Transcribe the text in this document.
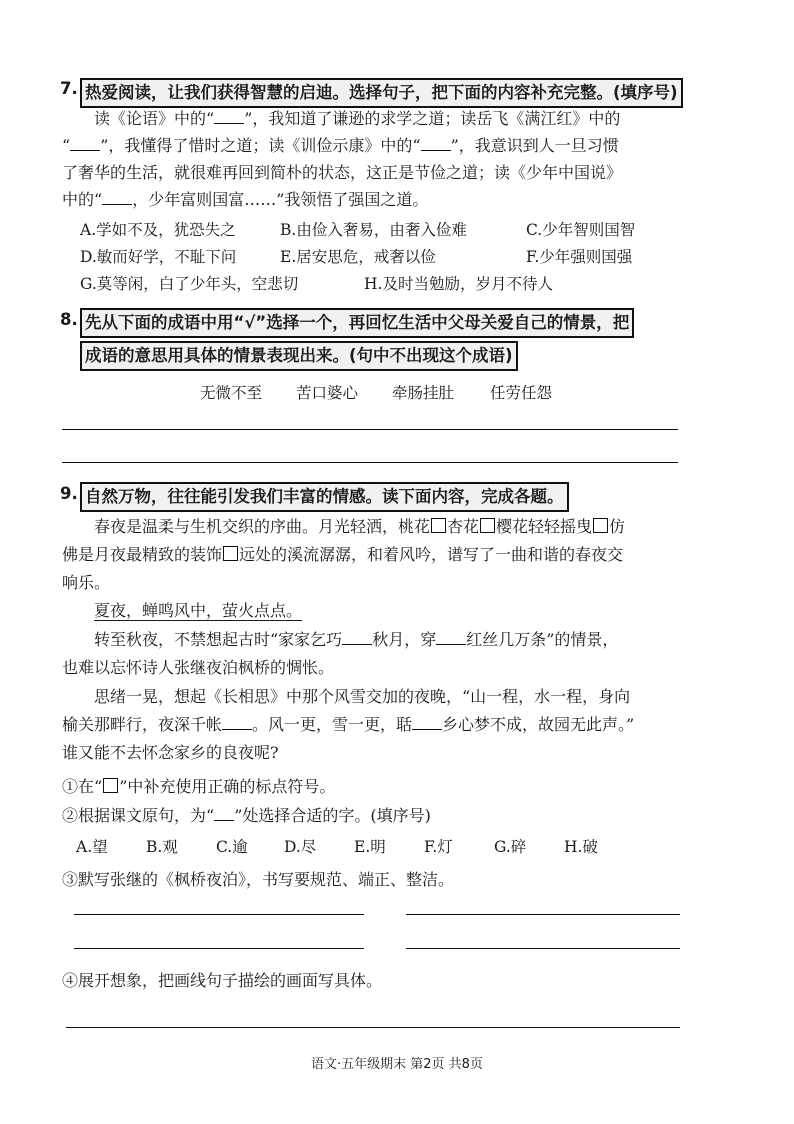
7. 热爱阅读，让我们获得智慧的启迪。选择句子，把下面的内容补充完整。(填序号)
读《论语》中的“ ”，我知道了谦逊的求学之道；读岳飞《满江红》中的
“ ”，我懂得了惜时之道；读《训俭示康》中的“ ”，我意识到人一旦习惯
了奢华的生活，就很难再回到简朴的状态，这正是节俭之道；读《少年中国说》
中的“ ，少年富则国富……”我领悟了强国之道。
A.学如不及，犹恐失之	B.由俭入奢易，由奢入俭难	C.少年智则国智
D.敏而好学，不耻下问	E.居安思危，戒奢以俭	F.少年强则国强
G.莫等闲，白了少年头，空悲切	H.及时当勉励，岁月不待人
8. 先从下面的成语中用“√”选择一个，再回忆生活中父母关爱自己的情景，把
成语的意思用具体的情景表现出来。(句中不出现这个成语)
无微不至 苦口婆心 牵肠挂肚 任劳任怨
9. 自然万物，往往能引发我们丰富的情感。读下面内容，完成各题。
春夜是温柔与生机交织的序曲。月光轻洒，桃花 杏花 樱花轻轻摇曳 仿
佛是月夜最精致的装饰 远处的溪流潺潺，和着风吟，谱写了一曲和谐的春夜交
响乐。
夏夜，蝉鸣风中，萤火点点。
转至秋夜，不禁想起古时“家家乞巧 秋月，穿 红丝几万条”的情景，
也难以忘怀诗人张继夜泊枫桥的惆怅。
思绪一晃，想起《长相思》中那个风雪交加的夜晚，“山一程，水一程，身向
榆关那畔行，夜深千帐 。风一更，雪一更，聒 乡心梦不成，故园无此声。”
谁又能不去怀念家乡的良夜呢?
①在“ ”中补充使用正确的标点符号。
②根据课文原句，为“ ”处选择合适的字。(填序号)
A.望 B.观 C.逾 D.尽 E.明 F.灯	G.碎 H.破
③默写张继的《枫桥夜泊》，书写要规范、端正、整洁。
④展开想象，把画线句子描绘的画面写具体。
语文·五年级期末 第2页 共8页
